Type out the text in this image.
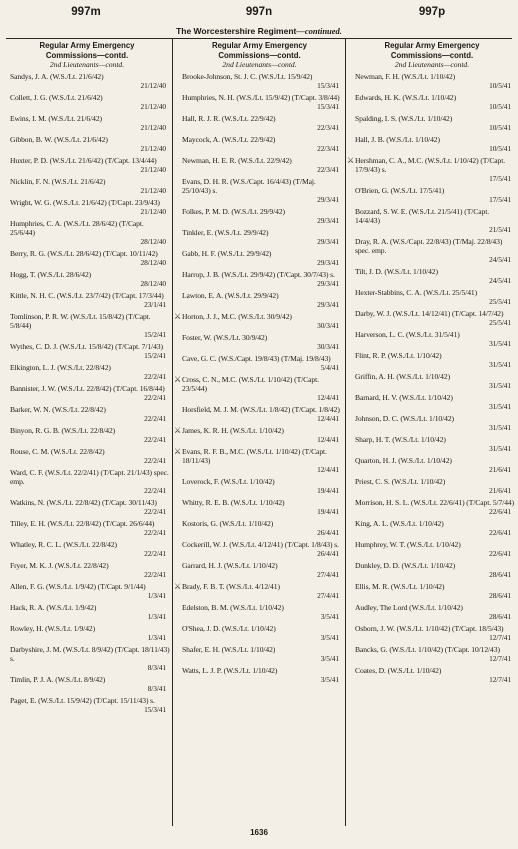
997m	997n	997p
The Worcestershire Regiment—continued.
Regular Army Emergency
Commissions—contd.
2nd Lieutenants—contd.
Sandys, J. A. (W.S./Lt. 21/6/42)
21/12/40
Collett, J. G. (W.S./Lt. 21/6/42)
21/12/40
Ewins, I. M. (W.S./Lt. 21/6/42)
21/12/40
Gibbon, B. W. (W.S./Lt. 21/6/42)
21/12/40
Huxter, P. D. (W.S./Lt. 21/6/42) (T/Capt. 13/4/44)
21/12/40
Nicklin, F. N. (W.S./Lt. 21/6/42)
21/12/40
Wright, W. G. (W.S./Lt. 21/6/42) (T/Capt. 23/9/43)
21/12/40
Humphries, C. A. (W.S./Lt. 28/6/42) (T/Capt. 25/6/44)
28/12/40
Berry, R. G. (W.S./Lt. 28/6/42) (T/Capt. 10/11/42)
28/12/40
Hogg, T. (W.S./Lt. 28/6/42)
28/12/40
Kittle, N. H. C. (W.S./Lt. 23/7/42) (T/Capt. 17/3/44)
23/1/41
Tomlinson, P. R. W. (W.S./Lt. 15/8/42) (T/Capt. 5/8/44)
15/2/41
Wythes, C. D. J. (W.S./Lt. 15/8/42) (T/Capt. 7/1/43)
15/2/41
Elkington, L. J. (W.S./Lt. 22/8/42)
22/2/41
Bannister, J. W. (W.S./Lt. 22/8/42) (T/Capt. 16/8/44)
22/2/41
Barker, W. N. (W.S./Lt. 22/8/42)
22/2/41
Binyon, R. G. B. (W.S./Lt. 22/8/42)
22/2/41
Rouse, C. M. (W.S./Lt. 22/8/42)
22/2/41
Ward, C. F. (W.S./Lt. 22/2/41) (T/Capt. 21/1/43) spec. emp.
22/2/41
Watkins, N. (W.S./Lt. 22/8/42) (T/Capt. 30/11/43)
22/2/41
Tilley, E. H. (W.S./Lt. 22/8/42) (T/Capt. 26/6/44)
22/2/41
Whatley, R. C. L. (W.S./Lt. 22/8/42)
22/2/41
Fryer, M. K. J. (W.S./Lt. 22/8/42)
22/2/41
Allen, F. G. (W.S./Lt. 1/9/42) (T/Capt. 9/1/44)
1/3/41
Hack, R. A. (W.S./Lt. 1/9/42)
1/3/41
Rowley, H. (W.S./Lt. 1/9/42)
1/3/41
Darbyshire, J. M. (W.S./Lt. 8/9/42) (T/Capt. 18/11/43) s.
8/3/41
Timlin, P. J. A. (W.S./Lt. 8/9/42)
8/3/41
Paget, E. (W.S./Lt. 15/9/42) (T/Capt. 15/11/43) s.
15/3/41
Regular Army Emergency
Commissions—contd.
2nd Lieutenants—contd.
Brooke-Johnson, St. J. C. (W.S./Lt. 15/9/42)
15/3/41
Humphries, N. H. (W.S./Lt. 15/9/42) (T/Capt. 3/8/44)
15/3/41
Hall, R. J. R. (W.S./Lt. 22/9/42)
22/3/41
Maycock, A. (W.S./Lt. 22/9/42)
22/3/41
Newman, H. E. R. (W.S./Lt. 22/9/42)
22/3/41
Evans, D. H. R. (W.S./Capt. 16/4/43) (T/Maj. 25/10/43) s.
29/3/41
Folkes, P. M. D. (W.S./Lt. 29/9/42)
29/3/41
Tinkler, E. (W.S./Lt. 29/9/42)
29/3/41
Gabb, H. F. (W.S./Lt. 29/9/42)
29/3/41
Harrop, J. B. (W.S./Lt. 29/9/42) (T/Capt. 30/7/43) s.
29/3/41
Lawton, E. A. (W.S./Lt. 29/9/42)
29/3/41
⚔ Horton, J. J., M.C. (W.S./Lt. 30/9/42)
30/3/41
Foster, W. (W.S./Lt. 30/9/42)
30/3/41
Cave, G. C. (W.S./Capt. 19/8/43) (T/Maj. 19/8/43)
5/4/41
⚔ Cross, C. N., M.C. (W.S./Lt. 1/10/42) (T/Capt. 23/5/44)
12/4/41
Horsfield, M. J. M. (W.S./Lt. 1/8/42) (T/Capt. 1/8/42)
12/4/41
⚔ James, K. R. H. (W.S./Lt. 1/10/42)
12/4/41
⚔ Evans, R. F. B., M.C. (W.S./Lt. 1/10/42) (T/Capt. 18/11/43)
12/4/41
Loverock, F. (W.S./Lt. 1/10/42)
19/4/41
Whitty, R. E. B. (W.S./Lt. 1/10/42)
19/4/41
Kostoris, G. (W.S./Lt. 1/10/42)
26/4/41
Cockerill, W. J. (W.S./Lt. 4/12/41) (T/Capt. 1/8/43) s.
26/4/41
Garrard, H. J. (W.S./Lt. 1/10/42)
27/4/41
⚔ Brady, F. B. T. (W.S./Lt. 4/12/41)
27/4/41
Edelston, B. M. (W.S./Lt. 1/10/42)
3/5/41
O'Shea, J. D. (W.S./Lt. 1/10/42)
3/5/41
Shafer, E. H. (W.S./Lt. 1/10/42)
3/5/41
Watts, L. J. P. (W.S./Lt. 1/10/42)
3/5/41
Regular Army Emergency
Commissions—contd.
2nd Lieutenants—contd.
Newman, F. H. (W.S./Lt. 1/10/42)
10/5/41
Edwards, H. K. (W.S./Lt. 1/10/42)
10/5/41
Spalding, I. S. (W.S./Lt. 1/10/42)
10/5/41
Hall, J. B. (W.S./Lt. 1/10/42)
10/5/41
⚔ Hershman, C. A., M.C. (W.S./Lt. 1/10/42) (T/Capt. 17/9/43) s.
17/5/41
O'Brien, G. (W.S./Lt. 17/5/41)
17/5/41
Bozzard, S. W. E. (W.S./Lt. 21/5/41) (T/Capt. 14/4/43)
21/5/41
Dray, R. A. (W.S./Capt. 22/8/43) (T/Maj. 22/8/43) spec. emp.
24/5/41
Tilt, J. D. (W.S./Lt. 1/10/42)
24/5/41
Hexter-Stabbins, C. A. (W.S./Lt. 25/5/41)
25/5/41
Darby, W. J. (W.S./Lt. 14/12/41) (T/Capt. 14/7/42)
25/5/41
Harverson, L. C. (W.S./Lt. 31/5/41)
31/5/41
Flint, R. P. (W.S./Lt. 1/10/42)
31/5/41
Griffin, A. H. (W.S./Lt. 1/10/42)
31/5/41
Barnard, H. V. (W.S./Lt. 1/10/42)
31/5/41
Johnson, D. C. (W.S./Lt. 1/10/42)
31/5/41
Sharp, H. T. (W.S./Lt. 1/10/42)
31/5/41
Quarton, H. J. (W.S./Lt. 1/10/42)
21/6/41
Priest, C. S. (W.S./Lt. 1/10/42)
21/6/41
Morrison, H. S. L. (W.S./Lt. 22/6/41) (T/Capt. 5/7/44)
22/6/41
King, A. L. (W.S./Lt. 1/10/42)
22/6/41
Humphrey, W. T. (W.S./Lt. 1/10/42)
22/6/41
Dunkley, D. D. (W.S./Lt. 1/10/42)
28/6/41
Ellis, M. R. (W.S./Lt. 1/10/42)
28/6/41
Audley, The Lord (W.S./Lt. 1/10/42)
28/6/41
Osborn, J. W. (W.S./Lt. 1/10/42) (T/Capt. 18/5/43)
12/7/41
Bancks, G. (W.S./Lt. 1/10/42) (T/Capt. 10/12/43)
12/7/41
Coates, D. (W.S./Lt. 1/10/42)
12/7/41
1636
